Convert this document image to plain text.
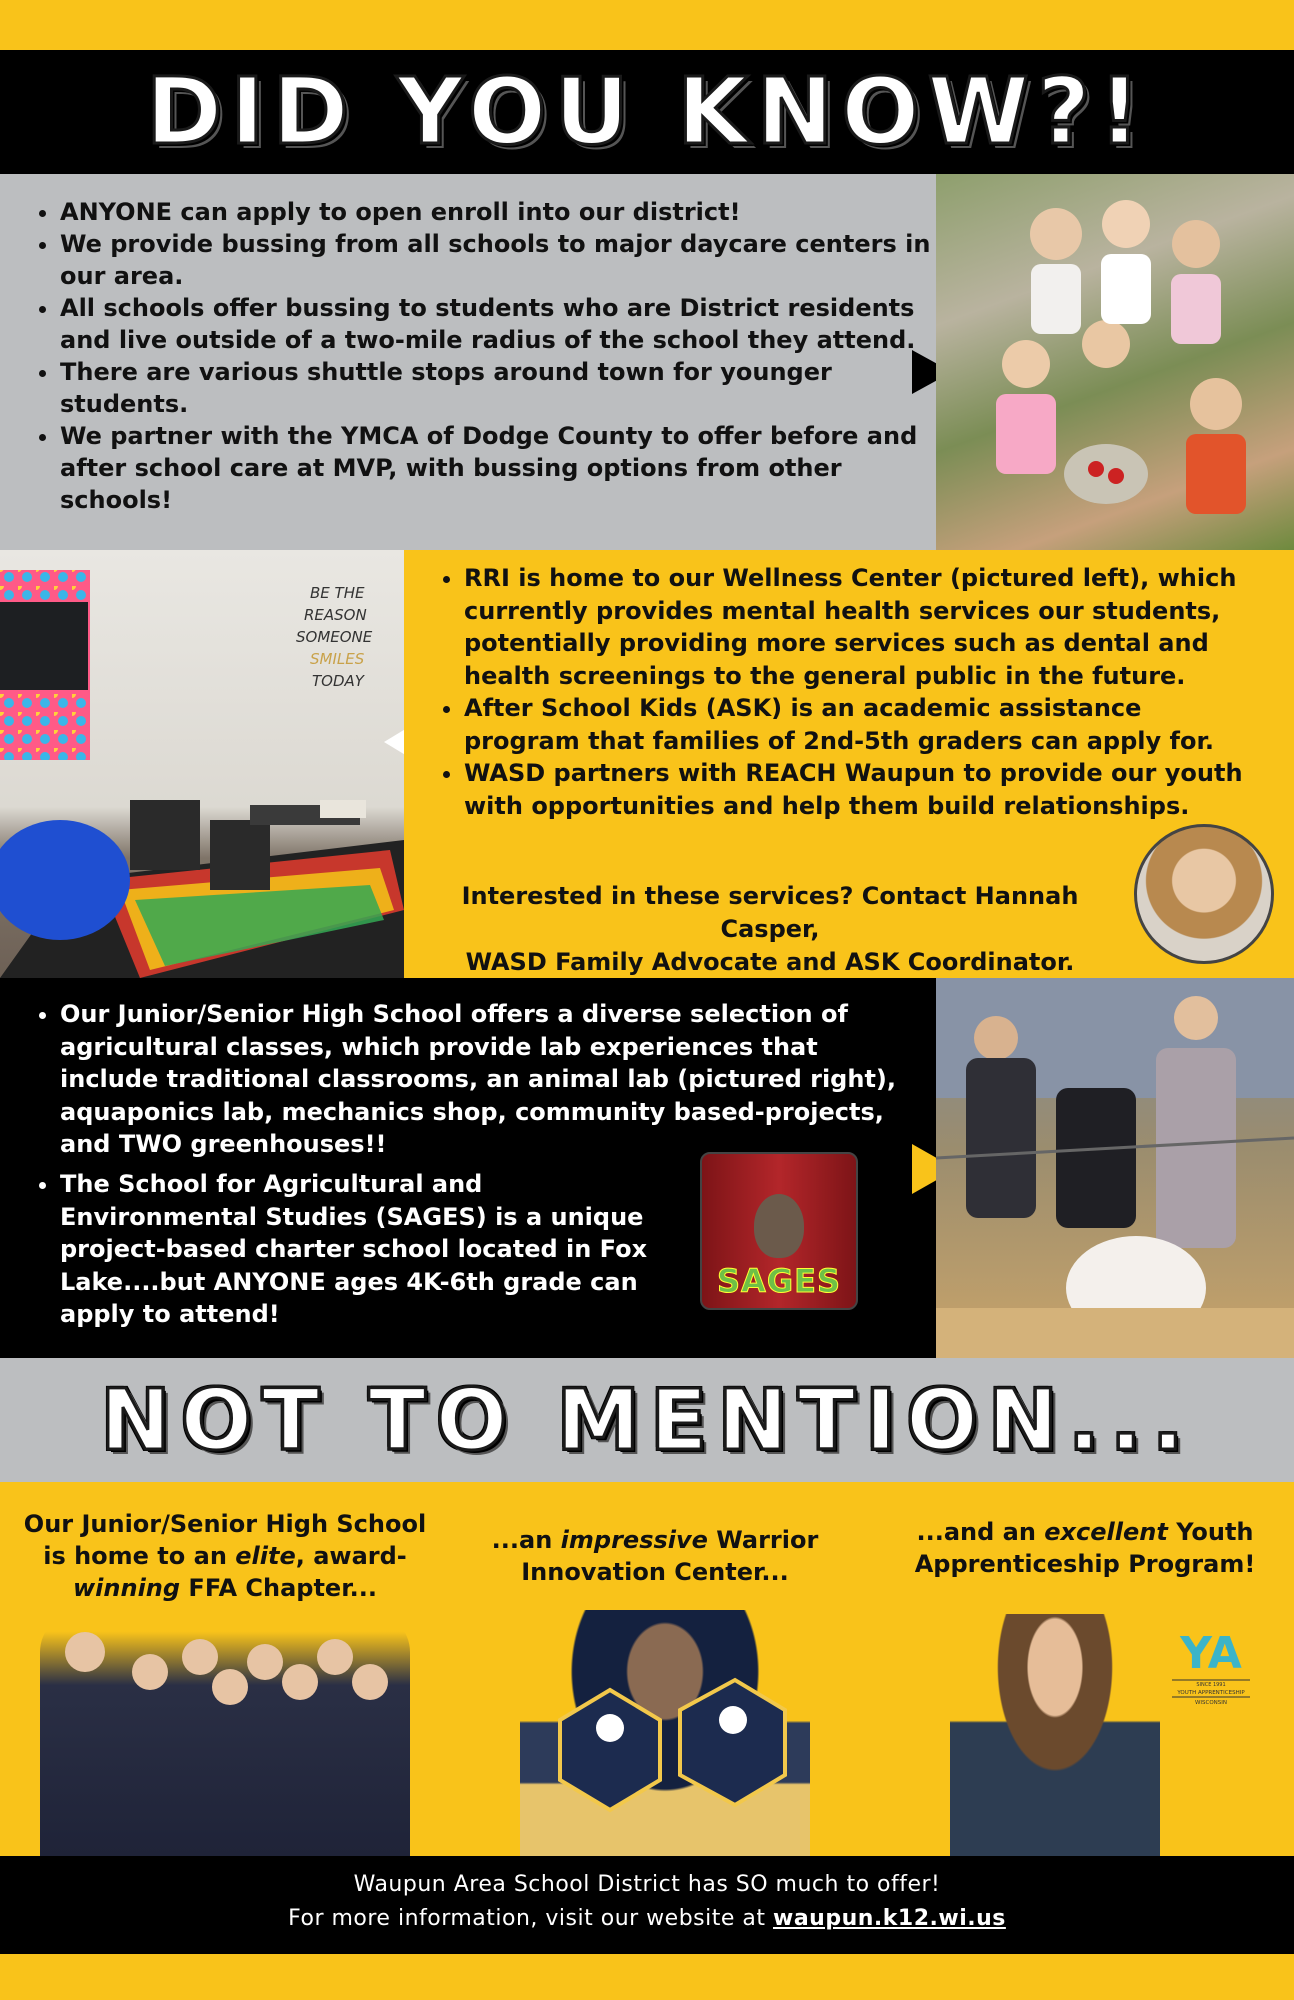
DID YOU KNOW?!
• ANYONE can apply to open enroll into our district!
• We provide bussing from all schools to major daycare centers in our area.
• All schools offer bussing to students who are District residents and live outside of a two-mile radius of the school they attend.
• There are various shuttle stops around town for younger students.
• We partner with the YMCA of Dodge County to offer before and after school care at MVP, with bussing options from other schools!
BE THE
REASON
SOMEONE
SMILES
TODAY
• RRI is home to our Wellness Center (pictured left), which currently provides mental health services our students, potentially providing more services such as dental and health screenings to the general public in the future.
• After School Kids (ASK) is an academic assistance program that families of 2nd-5th graders can apply for.
• WASD partners with REACH Waupun to provide our youth with opportunities and help them build relationships.
Interested in these services? Contact Hannah Casper,
WASD Family Advocate and ASK Coordinator.
• Our Junior/Senior High School offers a diverse selection of agricultural classes, which provide lab experiences that include traditional classrooms, an animal lab (pictured right), aquaponics lab, mechanics shop, community based-projects, and TWO greenhouses!!
• The School for Agricultural and Environmental Studies (SAGES) is a unique project-based charter school located in Fox Lake....but ANYONE ages 4K-6th grade can apply to attend!
SAGES
NOT TO MENTION...
Our Junior/Senior High School is home to an elite, award-
winning FFA Chapter...
...an impressive Warrior Innovation Center...
...and an excellent Youth Apprenticeship Program!
YA
SINCE 1991
YOUTH APPRENTICESHIP
WISCONSIN
Waupun Area School District has SO much to offer!
For more information, visit our website at waupun.k12.wi.us
